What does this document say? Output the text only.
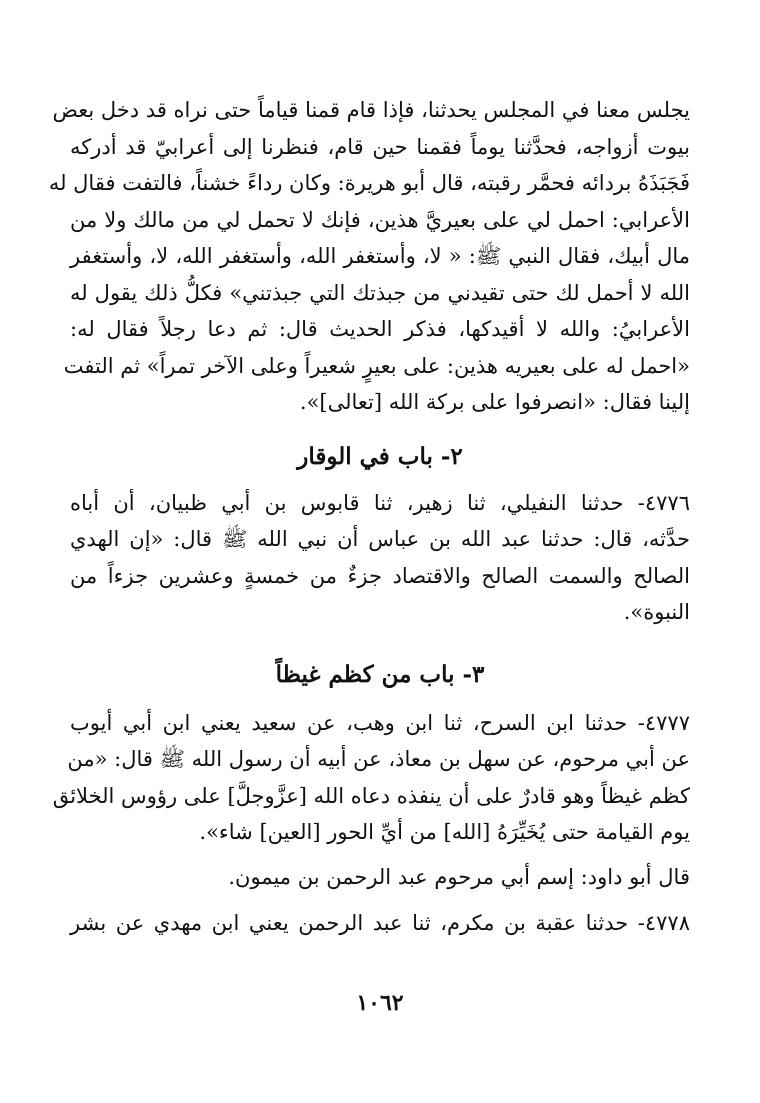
يجلس معنا في المجلس يحدثنا، فإذا قام قمنا قياماً حتى نراه قد دخل بعض
بيوت أزواجه، فحدَّثنا يوماً فقمنا حين قام، فنظرنا إلى أعرابيّ قد أدركه
فَجَبَذَهُ بردائه فحمَّر رقبته، قال أبو هريرة: وكان رداءً خشناً، فالتفت فقال له
الأعرابي: احمل لي على بعيريَّ هذين، فإنك لا تحمل لي من مالك ولا من
مال أبيك، فقال النبي ﷺ: « لا، وأستغفر الله، وأستغفر الله، لا، وأستغفر
الله لا أحمل لك حتى تقيدني من جبذتك التي جبذتني» فكلُّ ذلك يقول له
الأعرابيُ: والله لا أقيدكها، فذكر الحديث قال: ثم دعا رجلاً فقال له:
«احمل له على بعيريه هذين: على بعيرٍ شعيراً وعلى الآخر تمراً» ثم التفت
إلينا فقال: «انصرفوا على بركة الله [تعالى]».
٢- باب في الوقار
٤٧٧٦- حدثنا النفيلي، ثنا زهير، ثنا قابوس بن أبي ظبيان، أن أباه
حدَّثه، قال: حدثنا عبد الله بن عباس أن نبي الله ﷺ قال: «إن الهدي
الصالح والسمت الصالح والاقتصاد جزءٌ من خمسةٍ وعشرين جزءاً من
النبوة».
٣- باب من كظم غيظاً
٤٧٧٧- حدثنا ابن السرح، ثنا ابن وهب، عن سعيد يعني ابن أبي أيوب
عن أبي مرحوم، عن سهل بن معاذ، عن أبيه أن رسول الله ﷺ قال: «من
كظم غيظاً وهو قادرٌ على أن ينفذه دعاه الله [عزَّوجلَّ] على رؤوس الخلائق
يوم القيامة حتى يُخَيِّرَهُ [الله] من أيِّ الحور [العين] شاء».
قال أبو داود: إسم أبي مرحوم عبد الرحمن بن ميمون.
٤٧٧٨- حدثنا عقبة بن مكرم، ثنا عبد الرحمن يعني ابن مهدي عن بشر
١٠٦٢
